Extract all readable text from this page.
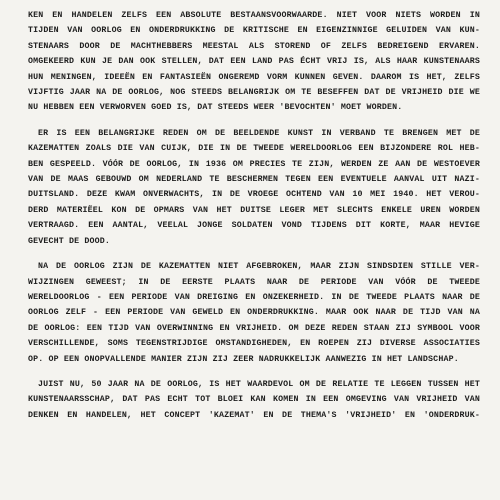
KEN EN HANDELEN ZELFS EEN ABSOLUTE BESTAANSVOORWAARDE. NIET VOOR NIETS WORDEN IN
TIJDEN VAN OORLOG EN ONDERDRUKKING DE KRITISCHE EN EIGENZINNIGE GELUIDEN VAN KUN-
STENAARS DOOR DE MACHTHEBBERS MEESTAL ALS STOREND OF ZELFS BEDREIGEND ERVAREN.
OMGEKEERD KUN JE DAN OOK STELLEN, DAT EEN LAND PAS ÉCHT VRIJ IS, ALS HAAR KUNSTENAARS
HUN MENINGEN, IDEEËN EN FANTASIEËN ONGEREMD VORM KUNNEN GEVEN. DAAROM IS HET, ZELFS
VIJFTIG JAAR NA DE OORLOG, NOG STEEDS BELANGRIJK OM TE BESEFFEN DAT DE VRIJHEID DIE WE
NU HEBBEN EEN VERWORVEN GOED IS, DAT STEEDS WEER 'BEVOCHTEN' MOET WORDEN.
ER IS EEN BELANGRIJKE REDEN OM DE BEELDENDE KUNST IN VERBAND TE BRENGEN MET DE
KAZEMATTEN ZOALS DIE VAN CUIJK, DIE IN DE TWEEDE WERELDOORLOG EEN BIJZONDERE ROL HEB-
BEN GESPEELD. VÓÓR DE OORLOG, IN 1936 OM PRECIES TE ZIJN, WERDEN ZE AAN DE WESTOEVER
VAN DE MAAS GEBOUWD OM NEDERLAND TE BESCHERMEN TEGEN EEN EVENTUELE AANVAL UIT NAZI-
DUITSLAND. DEZE KWAM ONVERWACHTS, IN DE VROEGE OCHTEND VAN 10 MEI 1940. HET VEROU-
DERD MATERIËEL KON DE OPMARS VAN HET DUITSE LEGER MET SLECHTS ENKELE UREN WORDEN
VERTRAAGD. EEN AANTAL, VEELAL JONGE SOLDATEN VOND TIJDENS DIT KORTE, MAAR HEVIGE
GEVECHT DE DOOD.
NA DE OORLOG ZIJN DE KAZEMATTEN NIET AFGEBROKEN, MAAR ZIJN SINDSDIEN STILLE VER-
WIJZINGEN GEWEEST; IN DE EERSTE PLAATS NAAR DE PERIODE VAN VÓÓR DE TWEEDE
WERELDOORLOG - EEN PERIODE VAN DREIGING EN ONZEKERHEID. IN DE TWEEDE PLAATS NAAR DE
OORLOG ZELF - EEN PERIODE VAN GEWELD EN ONDERDRUKKING. MAAR OOK NAAR DE TIJD VAN NA
DE OORLOG: EEN TIJD VAN OVERWINNING EN VRIJHEID. OM DEZE REDEN STAAN ZIJ SYMBOOL VOOR
VERSCHILLENDE, SOMS TEGENSTRIJDIGE OMSTANDIGHEDEN, EN ROEPEN ZIJ DIVERSE ASSOCIATIES
OP. OP EEN ONOPVALLENDE MANIER ZIJN ZIJ ZEER NADRUKKELIJK AANWEZIG IN HET LANDSCHAP.
JUIST NU, 50 JAAR NA DE OORLOG, IS HET WAARDEVOL OM DE RELATIE TE LEGGEN TUSSEN HET
KUNSTENAARSSCHAP, DAT PAS ECHT TOT BLOEI KAN KOMEN IN EEN OMGEVING VAN VRIJHEID VAN
DENKEN EN HANDELEN, HET CONCEPT 'KAZEMAT' EN DE THEMA'S 'VRIJHEID' EN 'ONDERDRUK-
